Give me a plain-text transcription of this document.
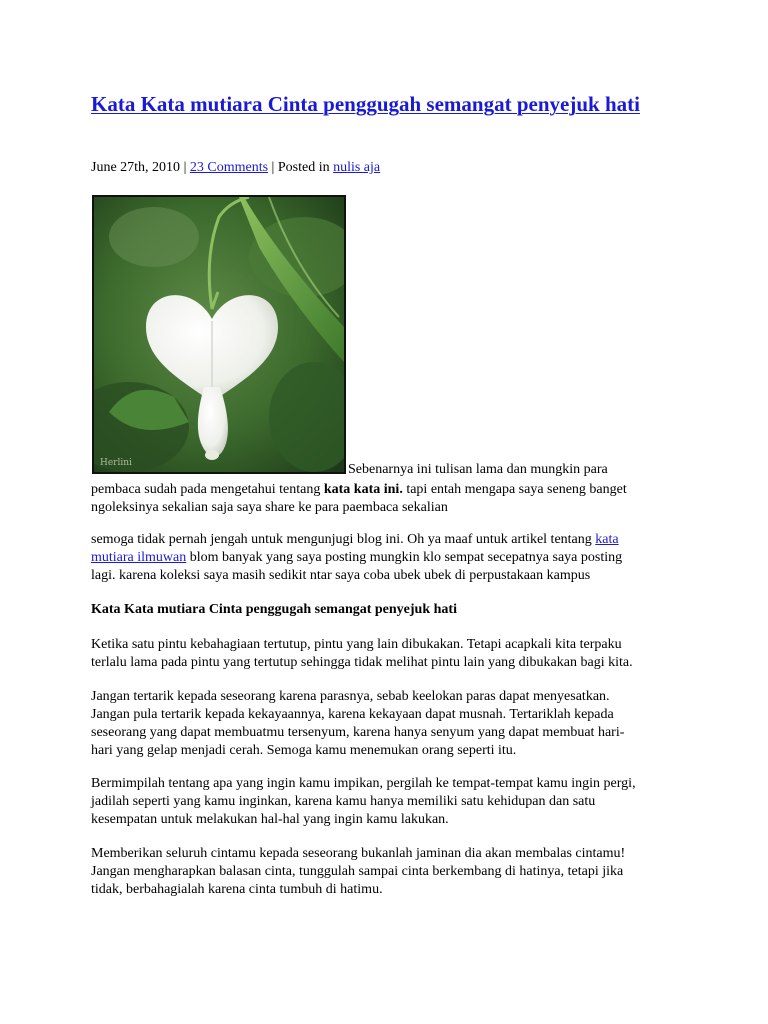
Kata Kata mutiara Cinta penggugah semangat penyejuk hati
June 27th, 2010 | 23 Comments | Posted in nulis aja
Herlini	Sebenarnya ini tulisan lama dan mungkin para

pembaca sudah pada mengetahui tentang kata kata ini. tapi entah mengapa saya seneng banget

ngoleksinya sekalian saja saya share ke para paembaca sekalian

semoga tidak pernah jengah untuk mengunjugi blog ini. Oh ya maaf untuk artikel tentang kata

mutiara ilmuwan blom banyak yang saya posting mungkin klo sempat secepatnya saya posting

lagi. karena koleksi saya masih sedikit ntar saya coba ubek ubek di perpustakaan kampus

Kata Kata mutiara Cinta penggugah semangat penyejuk hati

Ketika satu pintu kebahagiaan tertutup, pintu yang lain dibukakan. Tetapi acapkali kita terpaku

terlalu lama pada pintu yang tertutup sehingga tidak melihat pintu lain yang dibukakan bagi kita.

Jangan tertarik kepada seseorang karena parasnya, sebab keelokan paras dapat menyesatkan.

Jangan pula tertarik kepada kekayaannya, karena kekayaan dapat musnah. Tertariklah kepada

seseorang yang dapat membuatmu tersenyum, karena hanya senyum yang dapat membuat hari-

hari yang gelap menjadi cerah. Semoga kamu menemukan orang seperti itu.

Bermimpilah tentang apa yang ingin kamu impikan, pergilah ke tempat-tempat kamu ingin pergi,

jadilah seperti yang kamu inginkan, karena kamu hanya memiliki satu kehidupan dan satu

kesempatan untuk melakukan hal-hal yang ingin kamu lakukan.

Memberikan seluruh cintamu kepada seseorang bukanlah jaminan dia akan membalas cintamu!

Jangan mengharapkan balasan cinta, tunggulah sampai cinta berkembang di hatinya, tetapi jika

tidak, berbahagialah karena cinta tumbuh di hatimu.
